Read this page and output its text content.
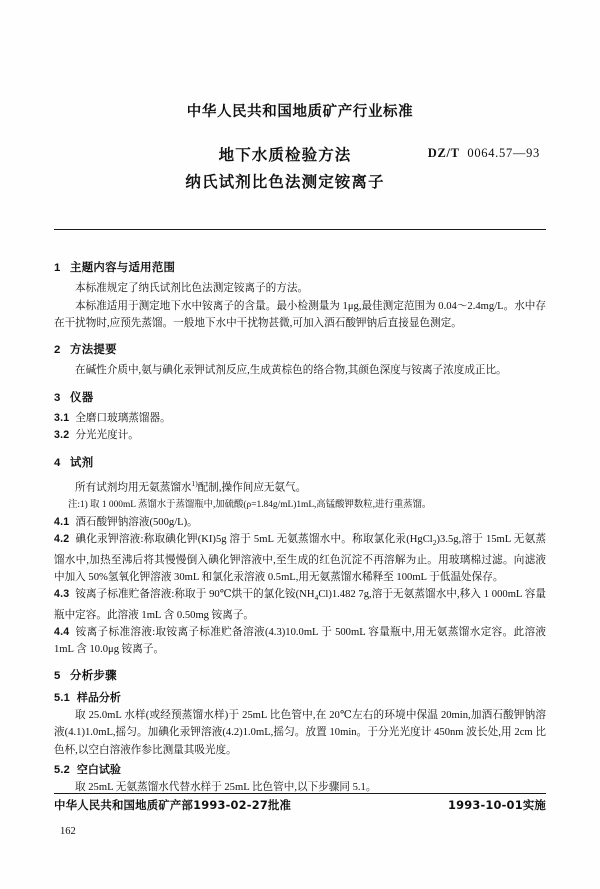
中华人民共和国地质矿产行业标准
地下水质检验方法
纳氏试剂比色法测定铵离子
DZ/T 0064.57—93
1 主题内容与适用范围

本标准规定了纳氏试剂比色法测定铵离子的方法。

本标准适用于测定地下水中铵离子的含量。最小检测量为 1μg,最佳测定范围为 0.04～2.4mg/L。水中存在干扰物时,应预先蒸馏。一般地下水中干扰物甚微,可加入酒石酸钾钠后直接显色测定。

2 方法提要

在碱性介质中,氨与碘化汞钾试剂反应,生成黄棕色的络合物,其颜色深度与铵离子浓度成正比。

3 仪器

3.1 全磨口玻璃蒸馏器。

3.2 分光光度计。

4 试剂

所有试剂均用无氨蒸馏水$^{1)}$配制,操作间应无氨气。

注:1) 取 1 000mL 蒸馏水于蒸馏瓶中,加硫酸(ρ=1.84g/mL)1mL,高锰酸钾数粒,进行重蒸馏。

4.1 酒石酸钾钠溶液(500g/L)。

4.2 碘化汞钾溶液:称取碘化钾(KI)5g 溶于 5mL 无氨蒸馏水中。称取氯化汞(HgCl$_2$)3.5g,溶于 15mL 无氨蒸馏水中,加热至沸后将其慢慢倒入碘化钾溶液中,至生成的红色沉淀不再溶解为止。用玻璃棉过滤。向滤液中加入 50%氢氧化钾溶液 30mL 和氯化汞溶液 0.5mL,用无氨蒸馏水稀释至 100mL 于低温处保存。

4.3 铵离子标准贮备溶液:称取于 90℃烘干的氯化铵$(NH_4Cl)1.482$ 7g,溶于无氨蒸馏水中,移入 1 000mL 容量瓶中定容。此溶液 1mL 含 0.50mg 铵离子。

4.4 铵离子标准溶液:取铵离子标准贮备溶液(4.3)10.0mL 于 500mL 容量瓶中,用无氨蒸馏水定容。此溶液 1mL 含 10.0μg 铵离子。

5 分析步骤
5.1 样品分析

取 25.0mL 水样(或经预蒸馏水样)于 25mL 比色管中,在 20℃左右的环境中保温 20min,加酒石酸钾钠溶液(4.1)1.0mL,摇匀。加碘化汞钾溶液(4.2)1.0mL,摇匀。放置 10min。于分光光度计 450nm 波长处,用 2cm 比色杯,以空白溶液作参比测量其吸光度。

5.2 空白试验

取 25mL 无氨蒸馏水代替水样于 25mL 比色管中,以下步骤同 5.1。

中华人民共和国地质矿产部1993-02-27批准	1993-10-01实施
162
